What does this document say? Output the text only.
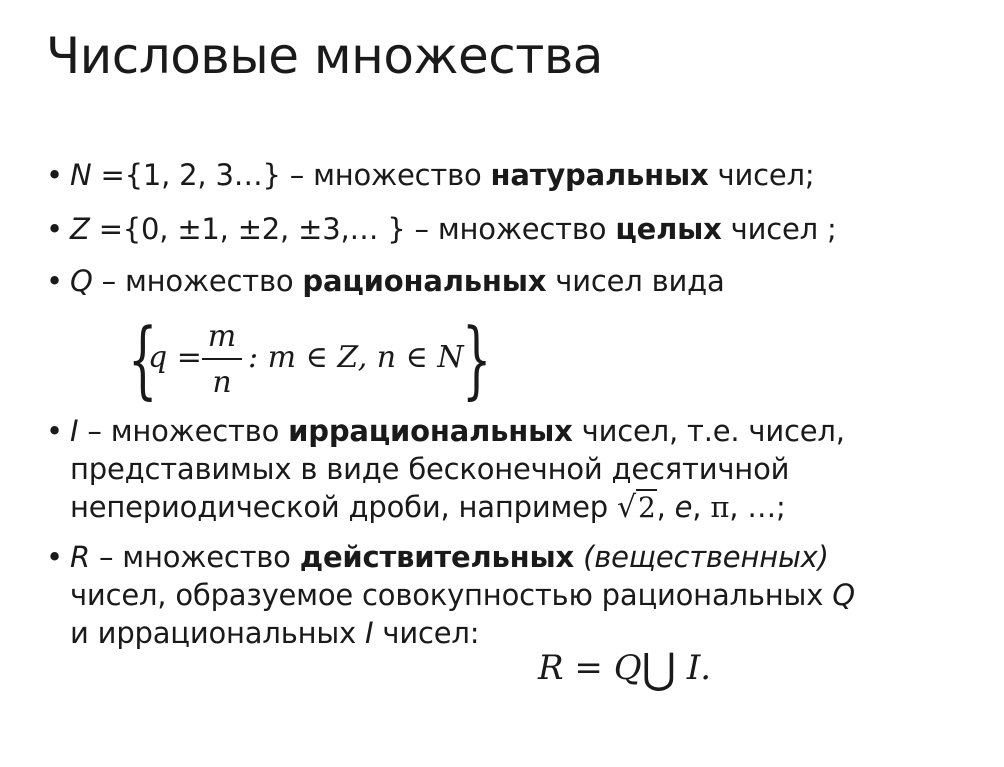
Числовые множества
• N ={1, 2, 3…} – множество натуральных чисел;
• Z ={0, ±1, ±2, ±3,… } – множество целых чисел ;
• Q – множество рациональных чисел вида
{
q =
m
n
: m ∈ Z, n ∈ N
}
• I – множество иррациональных чисел, т.е. чисел,
представимых в виде бесконечной десятичной
непериодической дроби, например √2, e, π, …;
• R – множество действительных (вещественных)
чисел, образуемое совокупностью рациональных Q
и иррациональных I чисел:
R = Q⋃ I.
